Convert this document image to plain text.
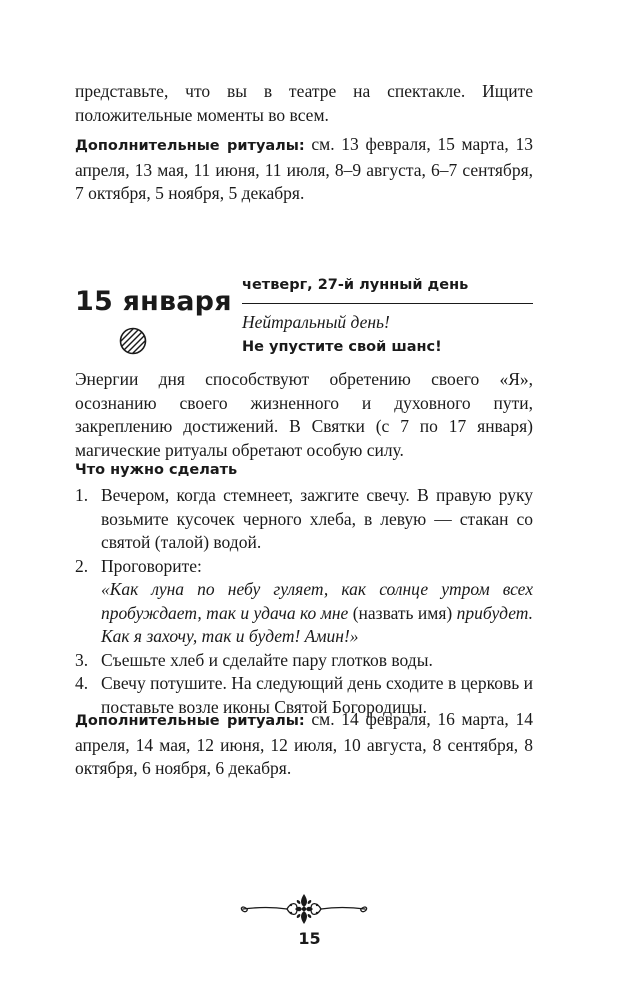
представьте, что вы в театре на спектакле. Ищите положительные моменты во всем.
Дополнительные ритуалы: см. 13 февраля, 15 марта, 13 апреля, 13 мая, 11 июня, 11 июля, 8–9 августа, 6–7 сентября, 7 октября, 5 ноября, 5 декабря.
15 января
четверг, 27-й лунный день
Нейтральный день!
Не упустите свой шанс!
Энергии дня способствуют обретению своего «Я», осознанию своего жизненного и духовного пути, закреплению достижений. В Святки (с 7 по 17 января) магические ритуалы обретают особую силу.
Что нужно сделать
1. Вечером, когда стемнеет, зажгите свечу. В правую руку возьмите кусочек черного хлеба, в левую — стакан со святой (талой) водой.
2. Проговорите:
«Как луна по небу гуляет, как солнце утром всех пробуждает, так и удача ко мне (назвать имя) прибудет. Как я захочу, так и будет! Амин!»
3. Съешьте хлеб и сделайте пару глотков воды.
4. Свечу потушите. На следующий день сходите в церковь и поставьте возле иконы Святой Богородицы.
Дополнительные ритуалы: см. 14 февраля, 16 марта, 14 апреля, 14 мая, 12 июня, 12 июля, 10 августа, 8 сентября, 8 октября, 6 ноября, 6 декабря.
15
